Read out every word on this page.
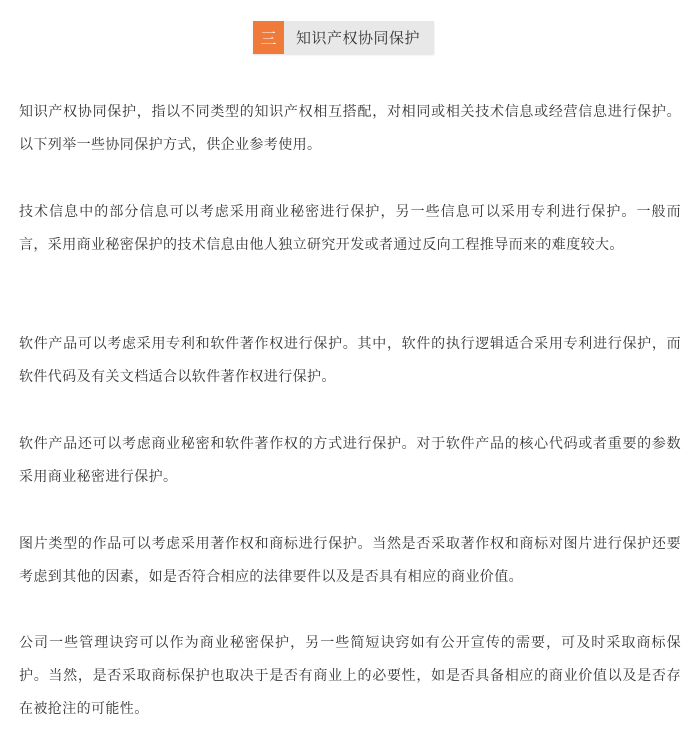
三	知识产权协同保护

知识产权协同保护，指以不同类型的知识产权相互搭配，对相同或相关技术信息或经营信息进行保护。以下列举一些协同保护方式，供企业参考使用。

技术信息中的部分信息可以考虑采用商业秘密进行保护，另一些信息可以采用专利进行保护。一般而言，采用商业秘密保护的技术信息由他人独立研究开发或者通过反向工程推导而来的难度较大。

软件产品可以考虑采用专利和软件著作权进行保护。其中，软件的执行逻辑适合采用专利进行保护，而软件代码及有关文档适合以软件著作权进行保护。

软件产品还可以考虑商业秘密和软件著作权的方式进行保护。对于软件产品的核心代码或者重要的参数采用商业秘密进行保护。

图片类型的作品可以考虑采用著作权和商标进行保护。当然是否采取著作权和商标对图片进行保护还要考虑到其他的因素，如是否符合相应的法律要件以及是否具有相应的商业价值。

公司一些管理诀窍可以作为商业秘密保护，另一些简短诀窍如有公开宣传的需要，可及时采取商标保护。当然，是否采取商标保护也取决于是否有商业上的必要性，如是否具备相应的商业价值以及是否存在被抢注的可能性。
